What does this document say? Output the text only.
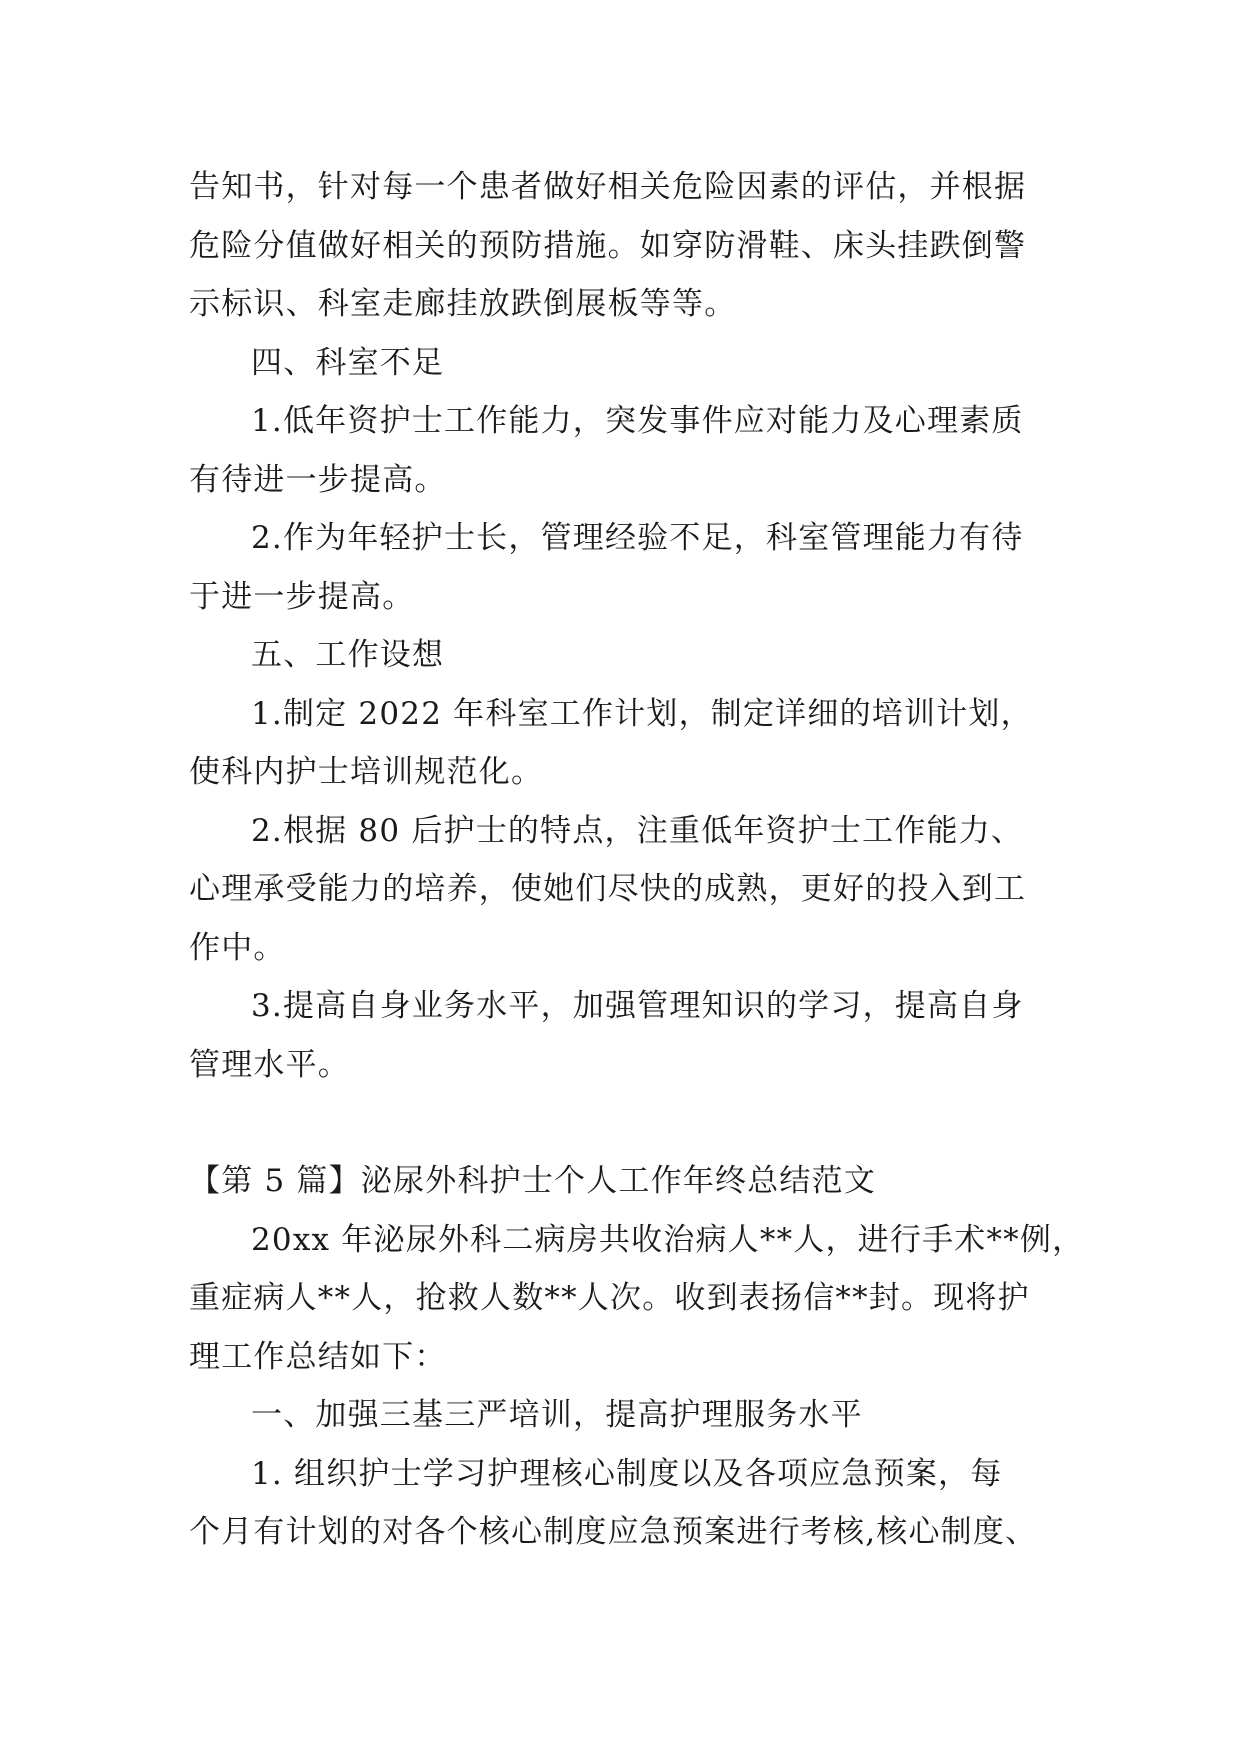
告知书，针对每一个患者做好相关危险因素的评估，并根据

危险分值做好相关的预防措施。如穿防滑鞋、床头挂跌倒警

示标识、科室走廊挂放跌倒展板等等。

四、科室不足

1.低年资护士工作能力，突发事件应对能力及心理素质

有待进一步提高。

2.作为年轻护士长，管理经验不足，科室管理能力有待

于进一步提高。

五、工作设想

1.制定 2022 年科室工作计划，制定详细的培训计划，

使科内护士培训规范化。

2.根据 80 后护士的特点，注重低年资护士工作能力、

心理承受能力的培养，使她们尽快的成熟，更好的投入到工

作中。

3.提高自身业务水平，加强管理知识的学习，提高自身

管理水平。

【第 5 篇】泌尿外科护士个人工作年终总结范文

20xx 年泌尿外科二病房共收治病人**人，进行手术**例，

重症病人**人，抢救人数**人次。收到表扬信**封。现将护

理工作总结如下：

一、加强三基三严培训，提高护理服务水平

1. 组织护士学习护理核心制度以及各项应急预案，每

个月有计划的对各个核心制度应急预案进行考核,核心制度、
